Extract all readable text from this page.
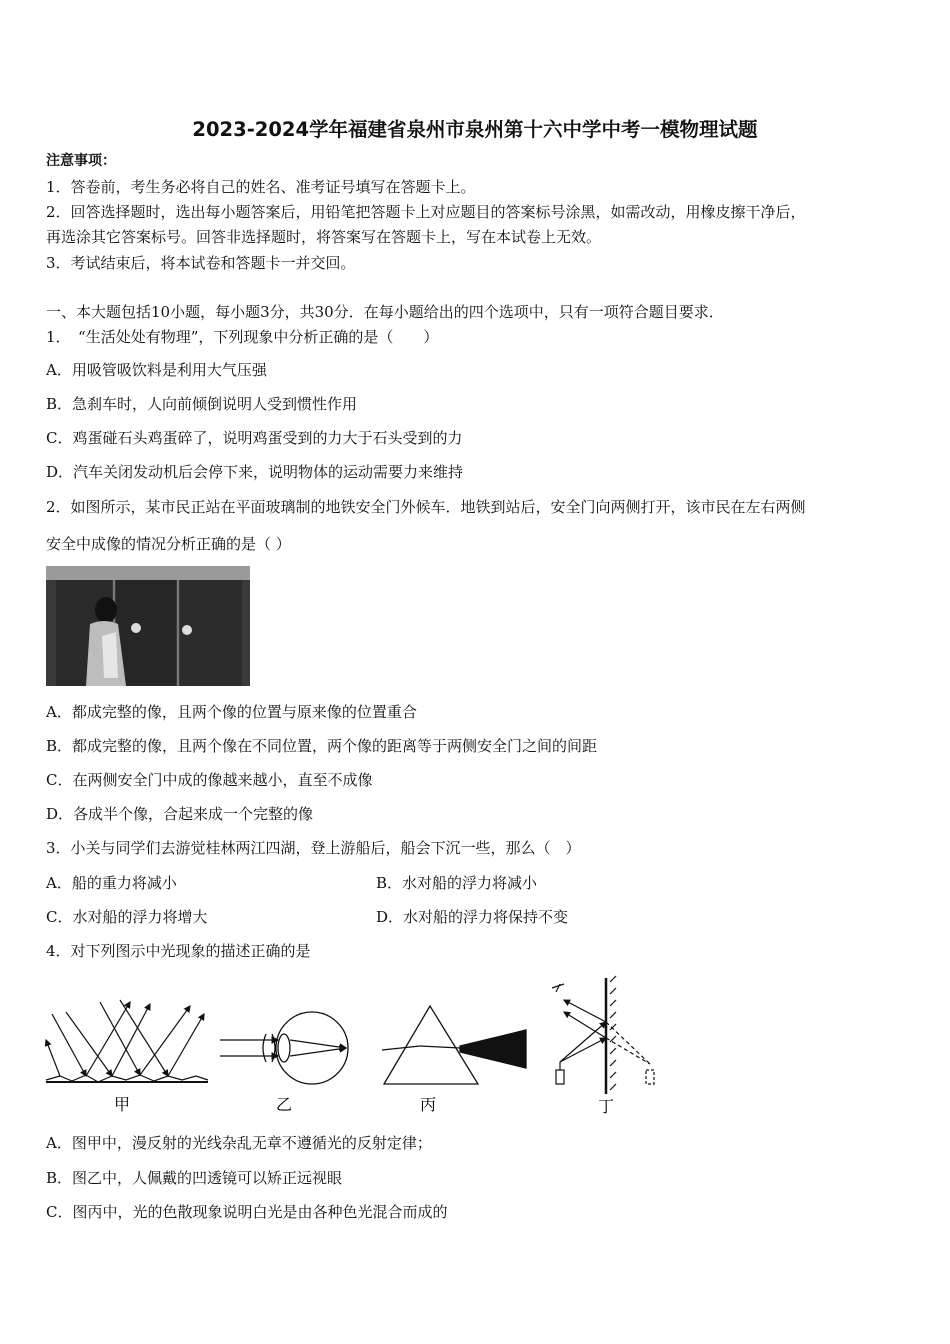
2023-2024学年福建省泉州市泉州第十六中学中考一模物理试题
注意事项：
1．答卷前，考生务必将自己的姓名、准考证号填写在答题卡上。
2．回答选择题时，选出每小题答案后，用铅笔把答题卡上对应题目的答案标号涂黑，如需改动，用橡皮擦干净后，
再选涂其它答案标号。回答非选择题时，将答案写在答题卡上，写在本试卷上无效。
3．考试结束后，将本试卷和答题卡一并交回。
一、本大题包括10小题，每小题3分，共30分．在每小题给出的四个选项中，只有一项符合题目要求．
1．　“生活处处有物理”，下列现象中分析正确的是（　　）
A．用吸管吸饮料是利用大气压强
B．急刹车时，人向前倾倒说明人受到惯性作用
C．鸡蛋碰石头鸡蛋碎了，说明鸡蛋受到的力大于石头受到的力
D．汽车关闭发动机后会停下来，说明物体的运动需要力来维持
2．如图所示，某市民正站在平面玻璃制的地铁安全门外候车．地铁到站后，安全门向两侧打开，该市民在左右两侧
安全中成像的情况分析正确的是（ ）
A．都成完整的像，且两个像的位置与原来像的位置重合
B．都成完整的像，且两个像在不同位置，两个像的距离等于两侧安全门之间的间距
C．在两侧安全门中成的像越来越小，直至不成像
D．各成半个像，合起来成一个完整的像
3．小关与同学们去游觉桂林两江四湖，登上游船后，船会下沉一些，那么（　）
A．船的重力将减小	B．水对船的浮力将减小
C．水对船的浮力将增大	D．水对船的浮力将保持不变
4．对下列图示中光现象的描述正确的是
甲	乙	丙	丁
A．图甲中，漫反射的光线杂乱无章不遵循光的反射定律；
B．图乙中，人佩戴的凹透镜可以矫正远视眼
C．图丙中，光的色散现象说明白光是由各种色光混合而成的
